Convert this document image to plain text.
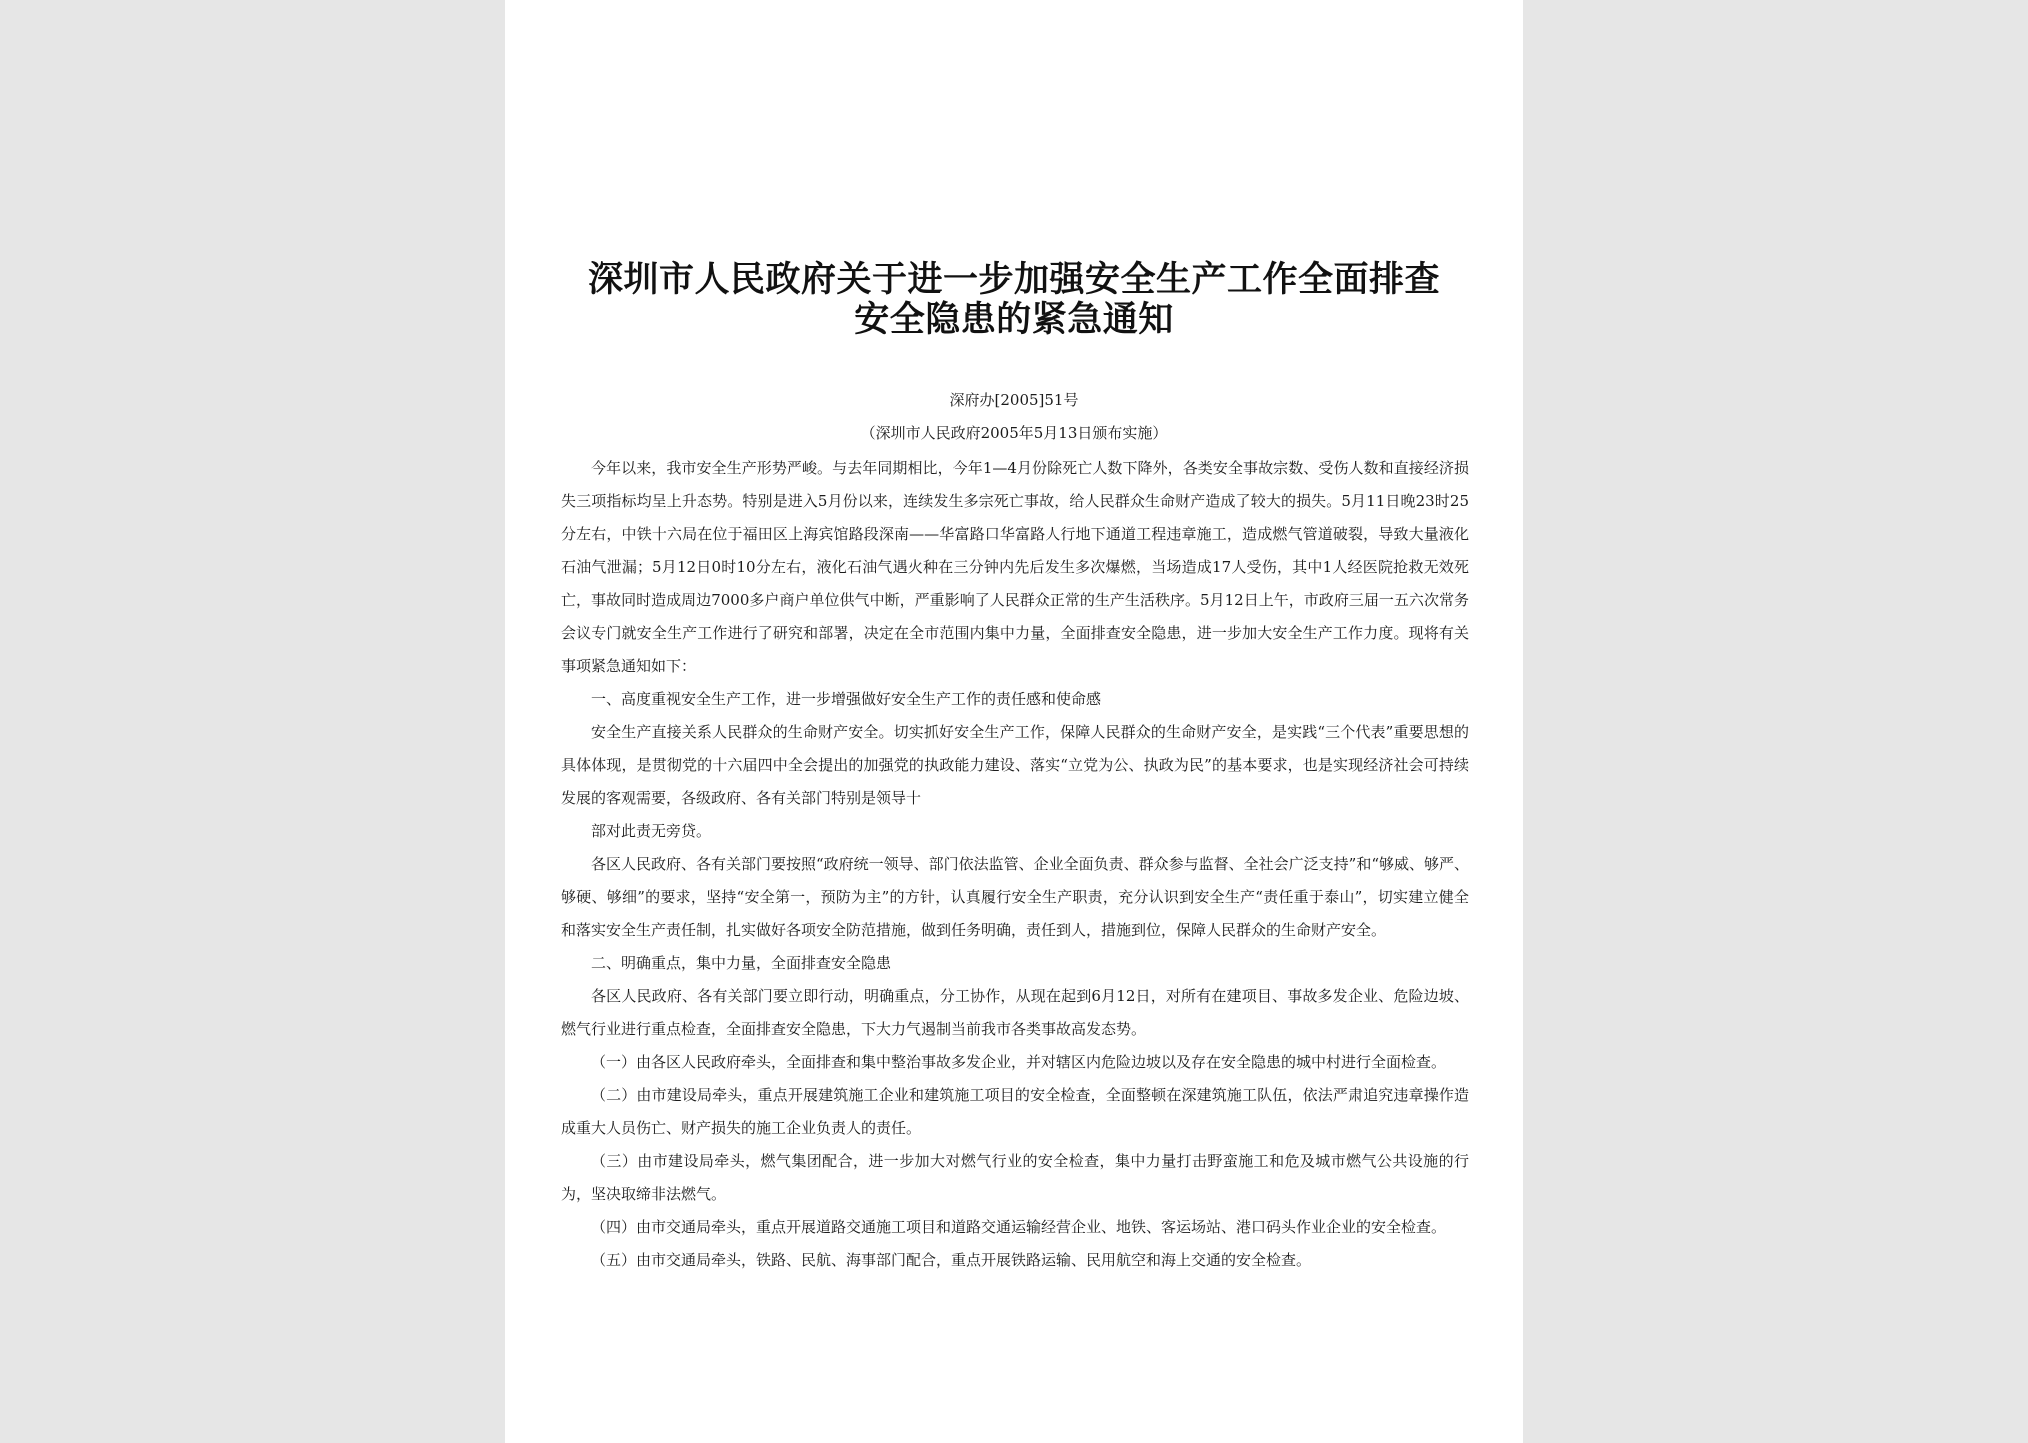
深圳市人民政府关于进一步加强安全生产工作全面排查安全隐患的紧急通知
深府办[2005]51号
（深圳市人民政府2005年5月13日颁布实施）

今年以来，我市安全生产形势严峻。与去年同期相比，今年1—4月份除死亡人数下降外，各类安全事故宗数、受伤人数和直接经济损失三项指标均呈上升态势。特别是进入5月份以来，连续发生多宗死亡事故，给人民群众生命财产造成了较大的损失。5月11日晚23时25分左右，中铁十六局在位于福田区上海宾馆路段深南——华富路口华富路人行地下通道工程违章施工，造成燃气管道破裂，导致大量液化石油气泄漏；5月12日0时10分左右，液化石油气遇火种在三分钟内先后发生多次爆燃，当场造成17人受伤，其中1人经医院抢救无效死亡，事故同时造成周边7000多户商户单位供气中断，严重影响了人民群众正常的生产生活秩序。5月12日上午，市政府三届一五六次常务会议专门就安全生产工作进行了研究和部署，决定在全市范围内集中力量，全面排查安全隐患，进一步加大安全生产工作力度。现将有关事项紧急通知如下：

一、高度重视安全生产工作，进一步增强做好安全生产工作的责任感和使命感

安全生产直接关系人民群众的生命财产安全。切实抓好安全生产工作，保障人民群众的生命财产安全，是实践“三个代表”重要思想的具体体现，是贯彻党的十六届四中全会提出的加强党的执政能力建设、落实“立党为公、执政为民”的基本要求，也是实现经济社会可持续发展的客观需要，各级政府、各有关部门特别是领导十

部对此责无旁贷。

各区人民政府、各有关部门要按照“政府统一领导、部门依法监管、企业全面负责、群众参与监督、全社会广泛支持”和“够威、够严、够硬、够细”的要求，坚持“安全第一，预防为主”的方针，认真履行安全生产职责，充分认识到安全生产“责任重于泰山”，切实建立健全和落实安全生产责任制，扎实做好各项安全防范措施，做到任务明确，责任到人，措施到位，保障人民群众的生命财产安全。

二、明确重点，集中力量，全面排查安全隐患

各区人民政府、各有关部门要立即行动，明确重点，分工协作，从现在起到6月12日，对所有在建项目、事故多发企业、危险边坡、燃气行业进行重点检查，全面排查安全隐患，下大力气遏制当前我市各类事故高发态势。

（一）由各区人民政府牵头，全面排查和集中整治事故多发企业，并对辖区内危险边坡以及存在安全隐患的城中村进行全面检查。

（二）由市建设局牵头，重点开展建筑施工企业和建筑施工项目的安全检查，全面整顿在深建筑施工队伍，依法严肃追究违章操作造成重大人员伤亡、财产损失的施工企业负责人的责任。

（三）由市建设局牵头，燃气集团配合，进一步加大对燃气行业的安全检查，集中力量打击野蛮施工和危及城市燃气公共设施的行为，坚决取缔非法燃气。

（四）由市交通局牵头，重点开展道路交通施工项目和道路交通运输经营企业、地铁、客运场站、港口码头作业企业的安全检查。

（五）由市交通局牵头，铁路、民航、海事部门配合，重点开展铁路运输、民用航空和海上交通的安全检查。
